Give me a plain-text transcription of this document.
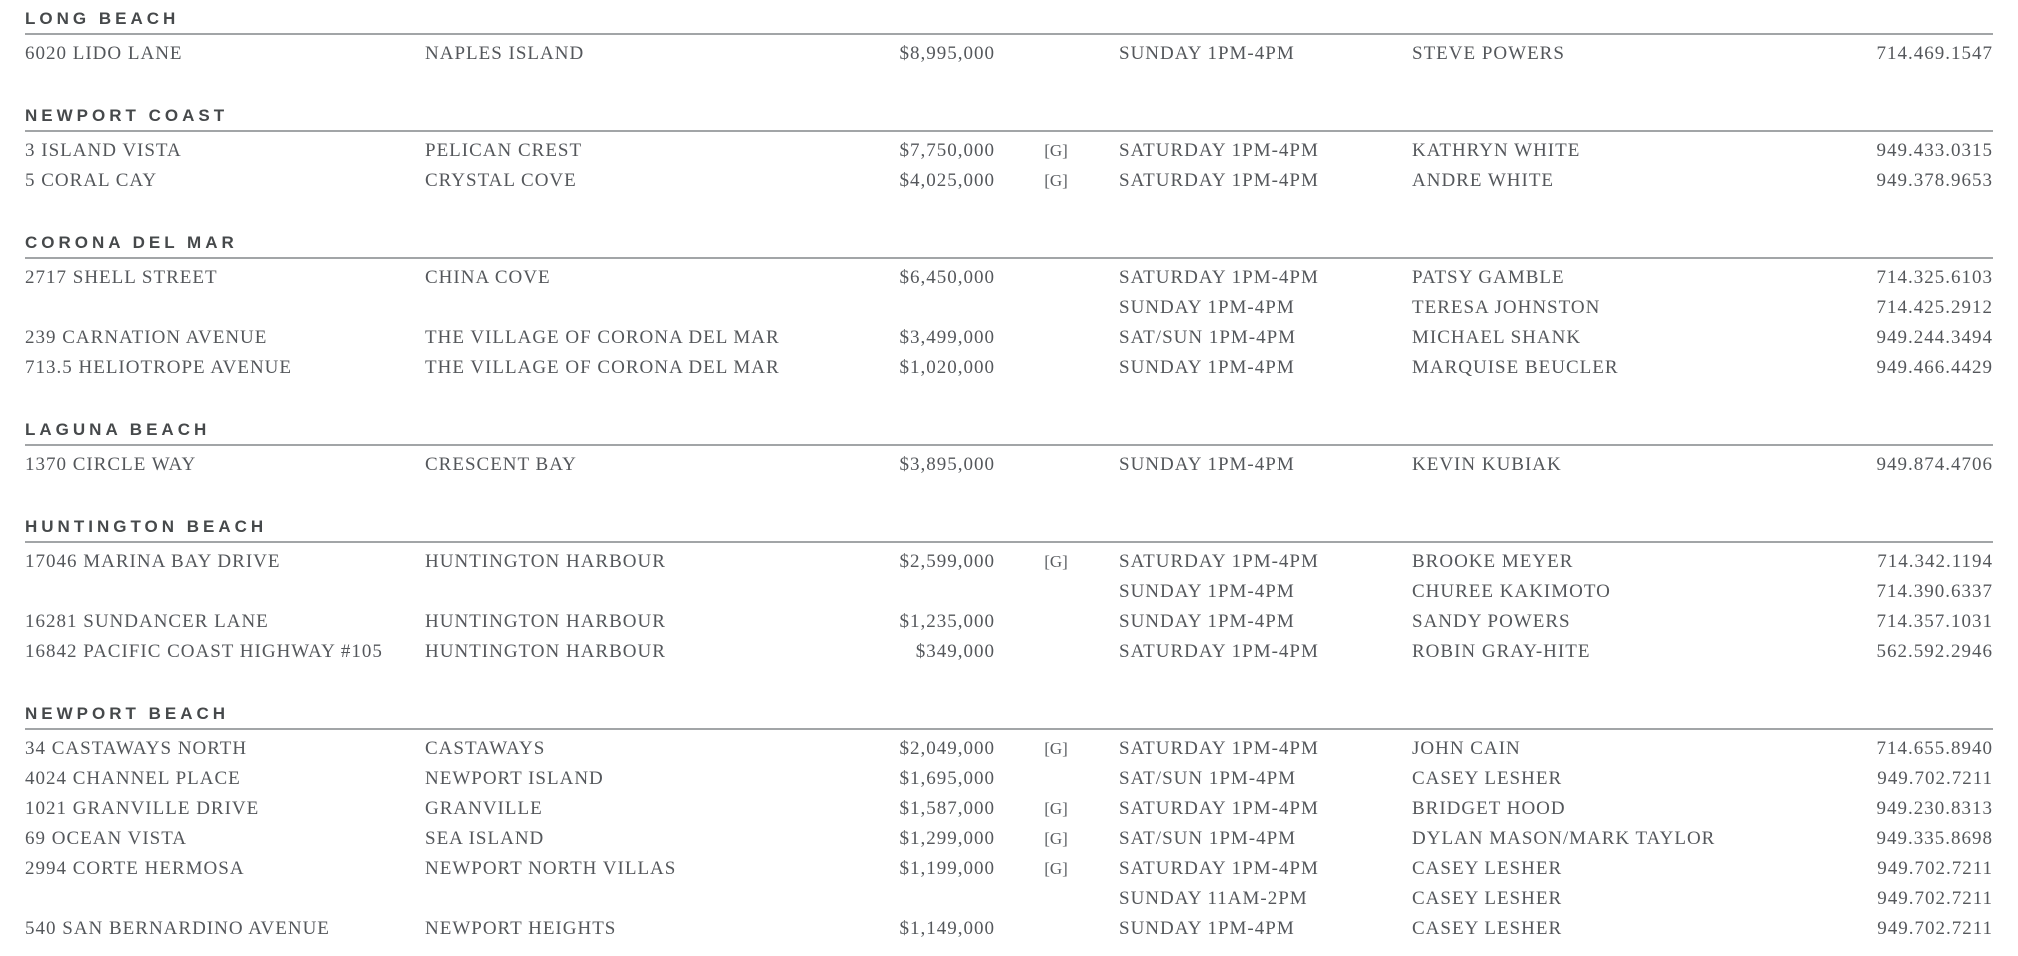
LONG BEACH
6020 LIDO LANE	NAPLES ISLAND	$8,995,000	SUNDAY 1PM-4PM	STEVE POWERS	714.469.1547
NEWPORT COAST
3 ISLAND VISTA	PELICAN CREST	$7,750,000	[G]	SATURDAY 1PM-4PM	KATHRYN WHITE	949.433.0315
5 CORAL CAY	CRYSTAL COVE	$4,025,000	[G]	SATURDAY 1PM-4PM	ANDRE WHITE	949.378.9653
CORONA DEL MAR
2717 SHELL STREET	CHINA COVE	$6,450,000	SATURDAY 1PM-4PM	PATSY GAMBLE	714.325.6103
SUNDAY 1PM-4PM	TERESA JOHNSTON	714.425.2912
239 CARNATION AVENUE	THE VILLAGE OF CORONA DEL MAR	$3,499,000	SAT/SUN 1PM-4PM	MICHAEL SHANK	949.244.3494
713.5 HELIOTROPE AVENUE	THE VILLAGE OF CORONA DEL MAR	$1,020,000	SUNDAY 1PM-4PM	MARQUISE BEUCLER	949.466.4429
LAGUNA BEACH
1370 CIRCLE WAY	CRESCENT BAY	$3,895,000	SUNDAY 1PM-4PM	KEVIN KUBIAK	949.874.4706
HUNTINGTON BEACH
17046 MARINA BAY DRIVE	HUNTINGTON HARBOUR	$2,599,000	[G]	SATURDAY 1PM-4PM	BROOKE MEYER	714.342.1194
SUNDAY 1PM-4PM	CHUREE KAKIMOTO	714.390.6337
16281 SUNDANCER LANE	HUNTINGTON HARBOUR	$1,235,000	SUNDAY 1PM-4PM	SANDY POWERS	714.357.1031
16842 PACIFIC COAST HIGHWAY #105	HUNTINGTON HARBOUR	$349,000	SATURDAY 1PM-4PM	ROBIN GRAY-HITE	562.592.2946
NEWPORT BEACH
34 CASTAWAYS NORTH	CASTAWAYS	$2,049,000	[G]	SATURDAY 1PM-4PM	JOHN CAIN	714.655.8940
4024 CHANNEL PLACE	NEWPORT ISLAND	$1,695,000	SAT/SUN 1PM-4PM	CASEY LESHER	949.702.7211
1021 GRANVILLE DRIVE	GRANVILLE	$1,587,000	[G]	SATURDAY 1PM-4PM	BRIDGET HOOD	949.230.8313
69 OCEAN VISTA	SEA ISLAND	$1,299,000	[G]	SAT/SUN 1PM-4PM	DYLAN MASON/MARK TAYLOR	949.335.8698
2994 CORTE HERMOSA	NEWPORT NORTH VILLAS	$1,199,000	[G]	SATURDAY 1PM-4PM	CASEY LESHER	949.702.7211
SUNDAY 11AM-2PM	CASEY LESHER	949.702.7211
540 SAN BERNARDINO AVENUE	NEWPORT HEIGHTS	$1,149,000	SUNDAY 1PM-4PM	CASEY LESHER	949.702.7211
